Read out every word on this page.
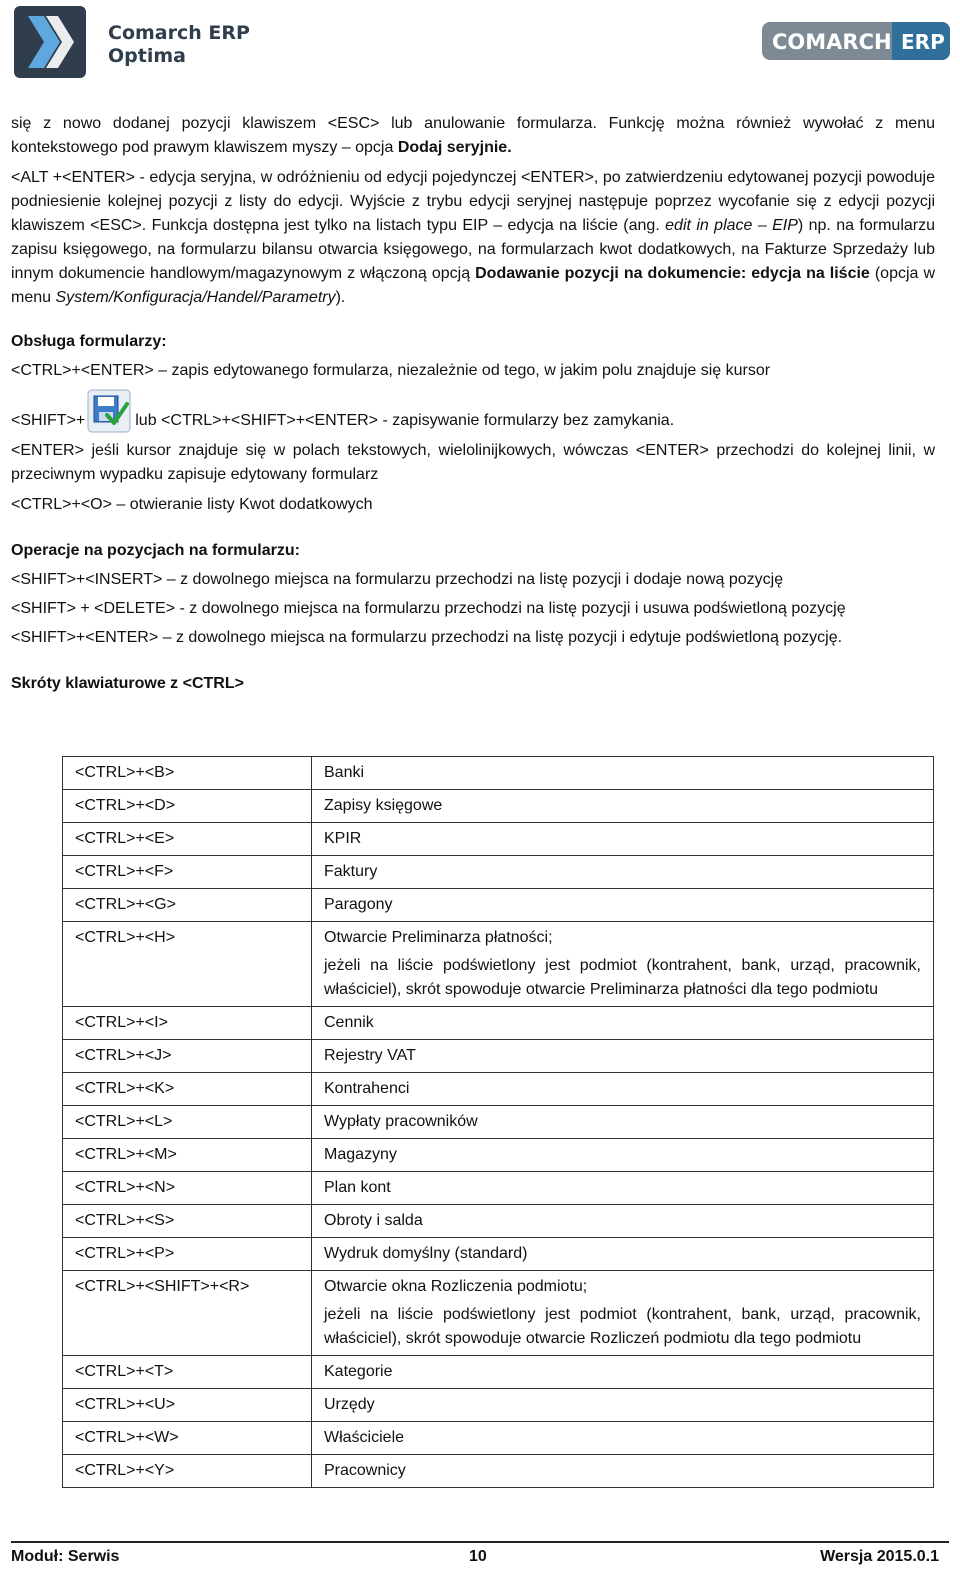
Comarch ERP
Optima
COMARCH ERP

się z nowo dodanej pozycji klawiszem <ESC> lub anulowanie formularza. Funkcję można również wywołać z menu kontekstowego pod prawym klawiszem myszy – opcja Dodaj seryjnie.

<ALT +<ENTER> - edycja seryjna, w odróżnieniu od edycji pojedynczej <ENTER>, po zatwierdzeniu edytowanej pozycji powoduje podniesienie kolejnej pozycji z listy do edycji. Wyjście z trybu edycji seryjnej następuje poprzez wycofanie się z edycji pozycji klawiszem <ESC>. Funkcja dostępna jest tylko na listach typu EIP – edycja na liście (ang. edit in place – EIP) np. na formularzu zapisu księgowego, na formularzu bilansu otwarcia księgowego, na formularzach kwot dodatkowych, na Fakturze Sprzedaży lub innym dokumencie handlowym/magazynowym z włączoną opcją Dodawanie pozycji na dokumencie: edycja na liście (opcja w menu System/Konfiguracja/Handel/Parametry).

Obsługa formularzy:

<CTRL>+<ENTER> – zapis edytowanego formularza, niezależnie od tego, w jakim polu znajduje się kursor

<SHIFT>+	lub <CTRL>+<SHIFT>+<ENTER> - zapisywanie formularzy bez zamykania.

<ENTER> jeśli kursor znajduje się w polach tekstowych, wielolinijkowych, wówczas <ENTER> przechodzi do kolejnej linii, w przeciwnym wypadku zapisuje edytowany formularz

<CTRL>+<O> – otwieranie listy Kwot dodatkowych

Operacje na pozycjach na formularzu:

<SHIFT>+<INSERT> – z dowolnego miejsca na formularzu przechodzi na listę pozycji i dodaje nową pozycję

<SHIFT> + <DELETE> - z dowolnego miejsca na formularzu przechodzi na listę pozycji i usuwa podświetloną pozycję

<SHIFT>+<ENTER> – z dowolnego miejsca na formularzu przechodzi na listę pozycji i edytuje podświetloną pozycję.

Skróty klawiaturowe z <CTRL>

<CTRL>+<B>	Banki

<CTRL>+<D>	Zapisy księgowe

<CTRL>+<E>	KPIR

<CTRL>+<F>	Faktury

<CTRL>+<G>	Paragony

<CTRL>+<H>	Otwarcie Preliminarza płatności;
jeżeli na liście podświetlony jest podmiot (kontrahent, bank, urząd, pracownik, właściciel), skrót spowoduje otwarcie Preliminarza płatności dla tego podmiotu

<CTRL>+<I>	Cennik

<CTRL>+<J>	Rejestry VAT

<CTRL>+<K>	Kontrahenci

<CTRL>+<L>	Wypłaty pracowników

<CTRL>+<M>	Magazyny

<CTRL>+<N>	Plan kont

<CTRL>+<S>	Obroty i salda

<CTRL>+<P>	Wydruk domyślny (standard)

<CTRL>+<SHIFT>+<R>	Otwarcie okna Rozliczenia podmiotu;
jeżeli na liście podświetlony jest podmiot (kontrahent, bank, urząd, pracownik, właściciel), skrót spowoduje otwarcie Rozliczeń podmiotu dla tego podmiotu

<CTRL>+<T>	Kategorie

<CTRL>+<U>	Urzędy

<CTRL>+<W>	Właściciele

<CTRL>+<Y>	Pracownicy
Moduł: Serwis	10	Wersja 2015.0.1
